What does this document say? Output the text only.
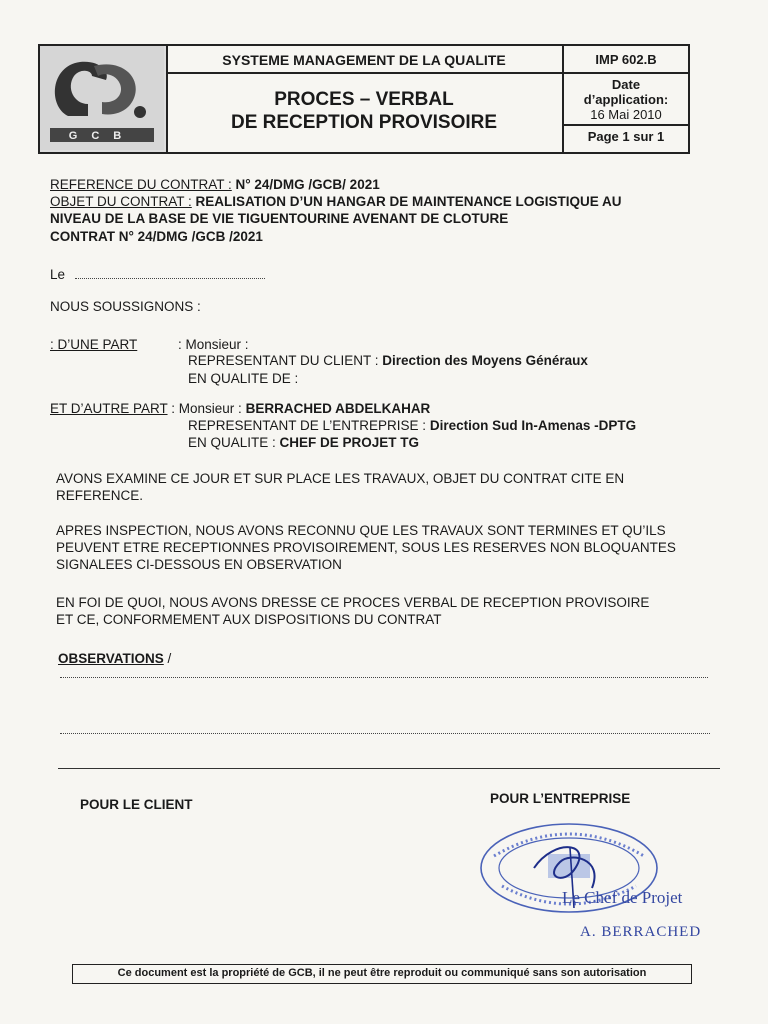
GCB
SYSTEME MANAGEMENT DE LA QUALITE
PROCES – VERBAL
DE RECEPTION PROVISOIRE
IMP 602.B
Date
d’application:
16 Mai 2010
Page 1 sur 1
REFERENCE DU CONTRAT : N° 24/DMG /GCB/ 2021
OBJET DU CONTRAT : REALISATION D’UN HANGAR DE MAINTENANCE LOGISTIQUE AU
NIVEAU DE LA BASE DE VIE TIGUENTOURINE AVENANT DE CLOTURE
CONTRAT N° 24/DMG /GCB /2021
Le
NOUS SOUSSIGNONS :
: D’UNE PART	: Monsieur :
REPRESENTANT DU CLIENT : Direction des Moyens Généraux
EN QUALITE DE :
ET D’AUTRE PART : Monsieur : BERRACHED ABDELKAHAR
REPRESENTANT DE L’ENTREPRISE : Direction Sud In-Amenas -DPTG
EN QUALITE : CHEF DE PROJET TG
AVONS EXAMINE CE JOUR ET SUR PLACE LES TRAVAUX, OBJET DU CONTRAT CITE EN
REFERENCE.
APRES INSPECTION, NOUS AVONS RECONNU QUE LES TRAVAUX SONT TERMINES ET QU’ILS
PEUVENT ETRE RECEPTIONNES PROVISOIREMENT, SOUS LES RESERVES NON BLOQUANTES
SIGNALEES CI-DESSOUS EN OBSERVATION
EN FOI DE QUOI, NOUS AVONS DRESSE CE PROCES VERBAL DE RECEPTION PROVISOIRE
ET CE, CONFORMEMENT AUX DISPOSITIONS DU CONTRAT
OBSERVATIONS /
POUR LE CLIENT	POUR L’ENTREPRISE
Le Chef de Projet
A. BERRACHED
Ce document est la propriété de GCB, il ne peut être reproduit ou communiqué sans son autorisation
